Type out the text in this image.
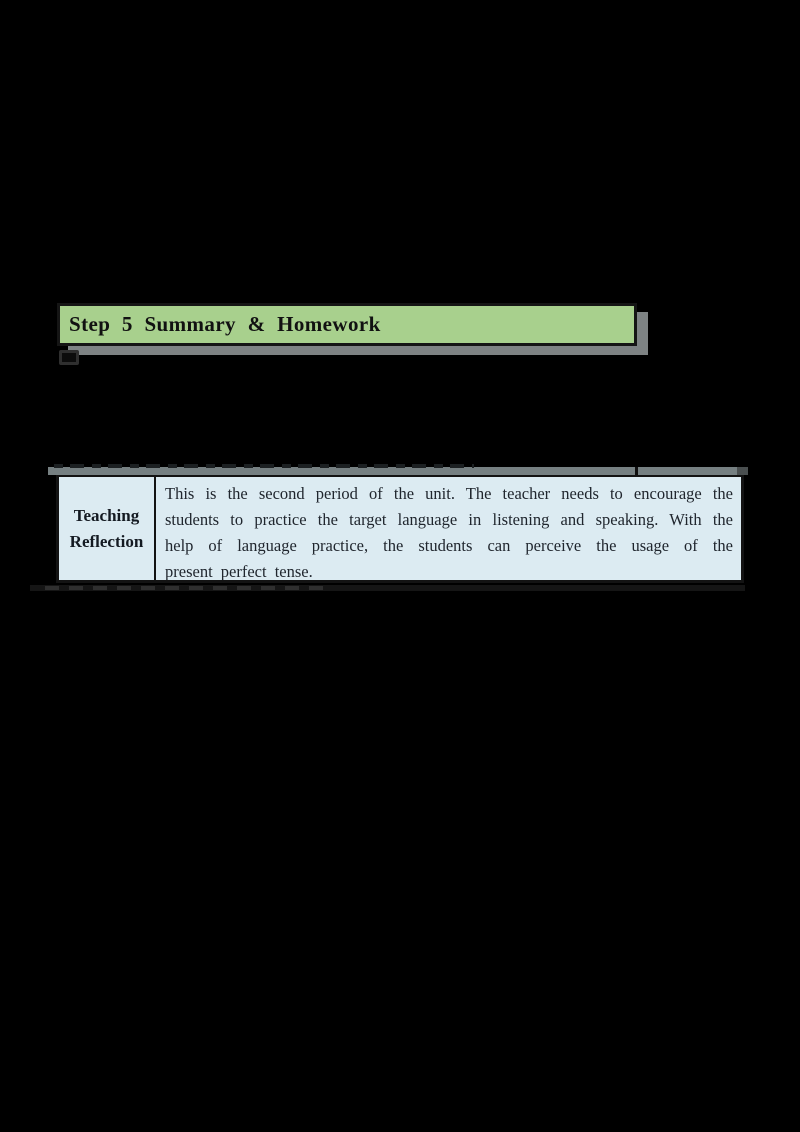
Step 5 Summary & Homework
Teaching
Reflection
This is the second period of the unit. The teacher needs to encourage the
students to practice the target language in listening and speaking. With the
help of language practice, the students can perceive the usage of the
present perfect tense.
